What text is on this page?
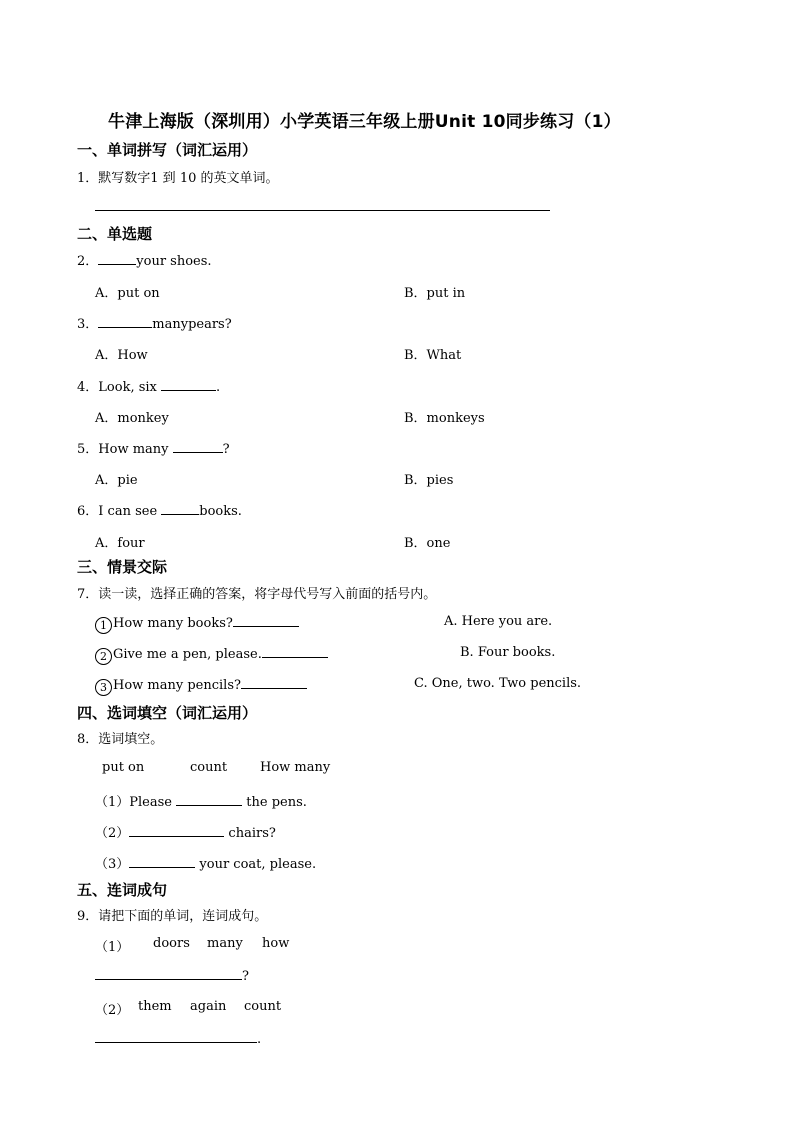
牛津上海版（深圳用）小学英语三年级上册Unit 10同步练习（1）
一、单词拼写（词汇运用）
1．默写数字1 到 10 的英文单词。
二、单选题
2．	your shoes.
A．put on	B．put in
3．	manypears?
A．How	B．What
4．Look, six	.
A．monkey	B．monkeys
5．How many	?
A．pie	B．pies
6．I can see	books.
A．four	B．one
三、情景交际
7．读一读，选择正确的答案，将字母代号写入前面的括号内。
1 How many books?	A. Here you are.
2 Give me a pen, please.	B. Four books.
3 How many pencils?	C. One, two. Two pencils.
四、选词填空（词汇运用）
8．选词填空。
put on	count	How many
（1）Please	the pens.
（2）	chairs?
（3）	your coat, please.
五、连词成句
9．请把下面的单词，连词成句。
（1） doors many how
?
（2） them again count
.
